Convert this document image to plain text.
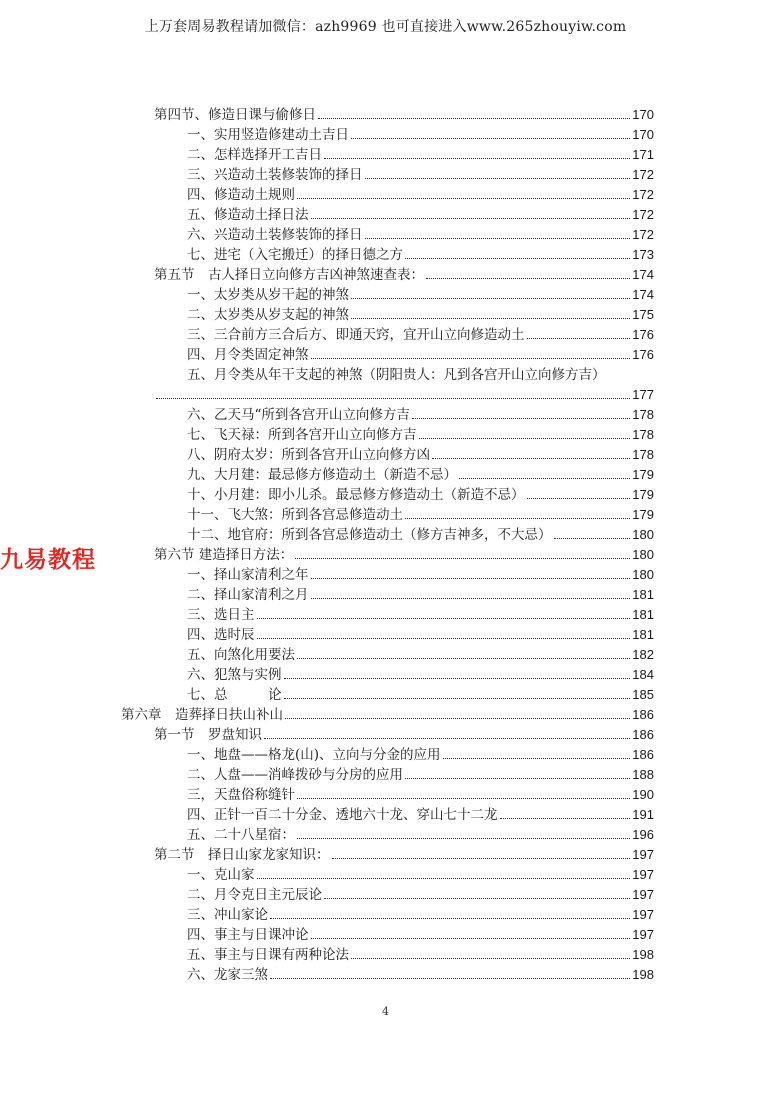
上万套周易教程请加微信：azh9969 也可直接进入www.265zhouyiw.com
九易教程
第四节、修造日课与偷修日	170
一、实用竖造修建动土吉日	170
二、怎样选择开工吉日	171
三、兴造动土装修装饰的择日	172
四、修造动土规则	172
五、修造动土择日法	172
六、兴造动土装修装饰的择日	172
七、进宅（入宅搬迁）的择日德之方	173
第五节　古人择日立向修方吉凶神煞速查表：	174
一、太岁类从岁干起的神煞	174
二、太岁类从岁支起的神煞	175
三、三合前方三合后方、即通天窍，宜开山立向修造动土	176
四、月令类固定神煞	176
五、月令类从年干支起的神煞（阴阳贵人：凡到各宫开山立向修方吉）
177
六、乙天马“所到各宫开山立向修方吉	178
七、飞天禄：所到各宫开山立向修方吉	178
八、阴府太岁：所到各宫开山立向修方凶	178
九、大月建：最忌修方修造动土（新造不忌）	179
十、小月建：即小儿杀。最忌修方修造动土（新造不忌）	179
十一、飞大煞：所到各宫忌修造动土	179
十二、地官府：所到各宫忌修造动土（修方吉神多，不大忌）	180
第六节 建造择日方法：	180
一、择山家清利之年	180
二、择山家清利之月	181
三、选日主	181
四、选时辰	181
五、向煞化用要法	182
六、犯煞与实例	184
七、总　　　论	185
第六章　造葬择日扶山补山	186
第一节　罗盘知识	186
一、地盘——格龙(山)、立向与分金的应用	186
二、人盘——消峰拨砂与分房的应用	188
三，天盘俗称缝针	190
四、正针一百二十分金、透地六十龙、穿山七十二龙	191
五、二十八星宿：	196
第二节　择日山家龙家知识：	197
一、克山家	197
二、月令克日主元辰论	197
三、冲山家论	197
四、事主与日课冲论	197
五、事主与日课有两种论法	198
六、龙家三煞	198
4
